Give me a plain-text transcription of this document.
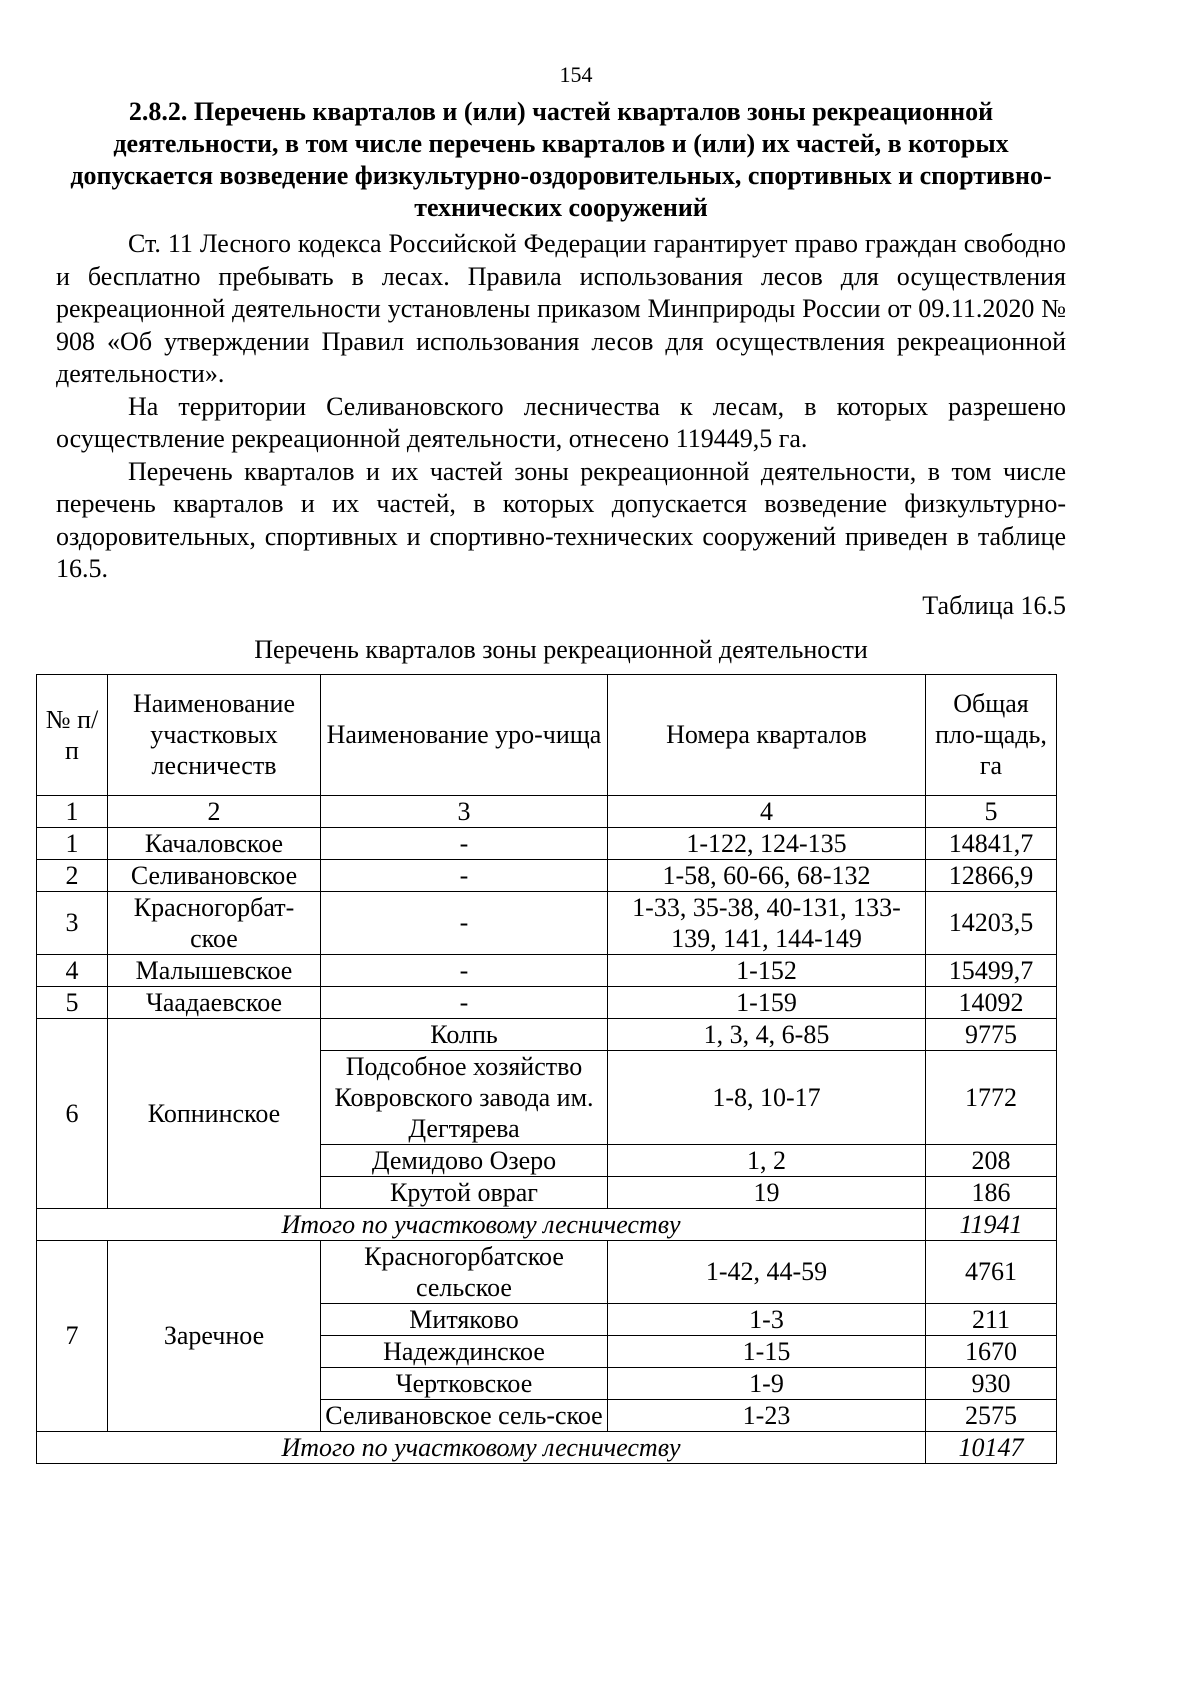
154
2.8.2. Перечень кварталов и (или) частей кварталов зоны рекреационной деятельности, в том числе перечень кварталов и (или) их частей, в которых допускается возведение физкультурно-оздоровительных, спортивных и спортивно-технических сооружений

Ст. 11 Лесного кодекса Российской Федерации гарантирует право граждан свободно и бесплатно пребывать в лесах. Правила использования лесов для осуществления рекреационной деятельности установлены приказом Минприроды России от 09.11.2020 № 908 «Об утверждении Правил использования лесов для осуществления рекреационной деятельности».

На территории Селивановского лесничества к лесам, в которых разрешено осуществление рекреационной деятельности, отнесено 119449,5 га.

Перечень кварталов и их частей зоны рекреационной деятельности, в том числе перечень кварталов и их частей, в которых допускается возведение физкультурно-оздоровительных, спортивных и спортивно-технических сооружений приведен в таблице 16.5.

Таблица 16.5
Перечень кварталов зоны рекреационной деятельности
№ п/п	Наименование участковых лесничеств	Наименование уро-чища	Номера кварталов	Общая пло-щадь, га
1	2	3	4	5
1	Качаловское	-	1-122, 124-135	14841,7
2	Селивановское	-	1-58, 60-66, 68-132	12866,9
3	Красногорбат-ское	-	1-33, 35-38, 40-131, 133-139, 141, 144-149	14203,5
4	Малышевское	-	1-152	15499,7
5	Чаадаевское	-	1-159	14092
6	Копнинское	Колпь	1, 3, 4, 6-85	9775
		Подсобное хозяйство Ковровского завода им. Дегтярева	1-8, 10-17	1772
		Демидово Озеро	1, 2	208
		Крутой овраг	19	186
Итого по участковому лесничеству				11941
7	Заречное	Красногорбатское сельское	1-42, 44-59	4761
		Митяково	1-3	211
		Надеждинское	1-15	1670
		Чертковское	1-9	930
		Селивановское сель-ское	1-23	2575
Итого по участковому лесничеству				10147
